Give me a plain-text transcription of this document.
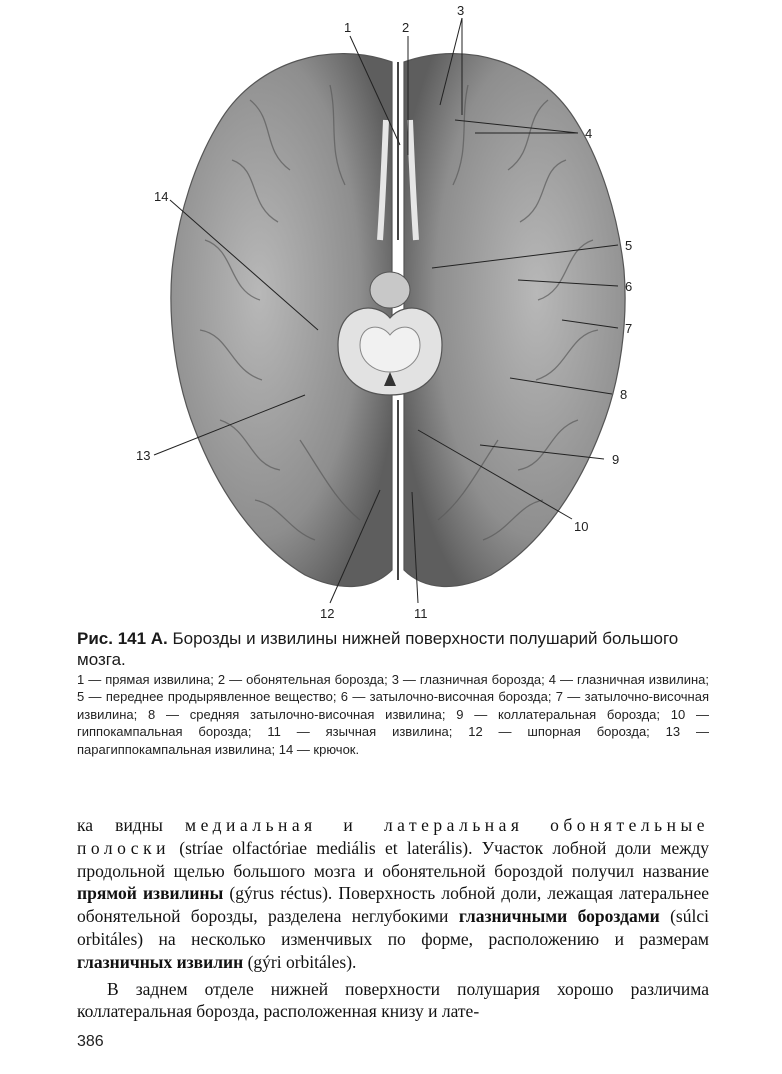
1	2
3
4
5
6
7
8
9
10
11
12
13
14
Рис. 141 А. Борозды и извилины нижней поверхности полушарий большого мозга.
1 — прямая извилина; 2 — обонятельная борозда; 3 — глазничная борозда; 4 — глазничная извилина; 5 — переднее продырявленное вещество; 6 — затылочно-височная борозда; 7 — затылочно-височная извилина; 8 — средняя затылочно-височная извилина; 9 — коллатеральная борозда; 10 — гиппокампальная борозда; 11 — язычная извилина; 12 — шпорная борозда; 13 — парагиппокампальная извилина; 14 — крючок.

ка видны медиальная и латеральная обонятельные полоски (stríae olfactóriae mediális et laterális). Участок лобной доли между продольной щелью большого мозга и обонятельной бороздой получил название прямой извилины (gýrus réctus). Поверхность лобной доли, лежащая латеральнее обонятельной борозды, разделена неглубокими глазничными бороздами (súlci orbitáles) на несколько изменчивых по форме, расположению и размерам глазничных извилин (gýri orbitáles).

В заднем отделе нижней поверхности полушария хорошо различима коллатеральная борозда, расположенная книзу и лате-

386
